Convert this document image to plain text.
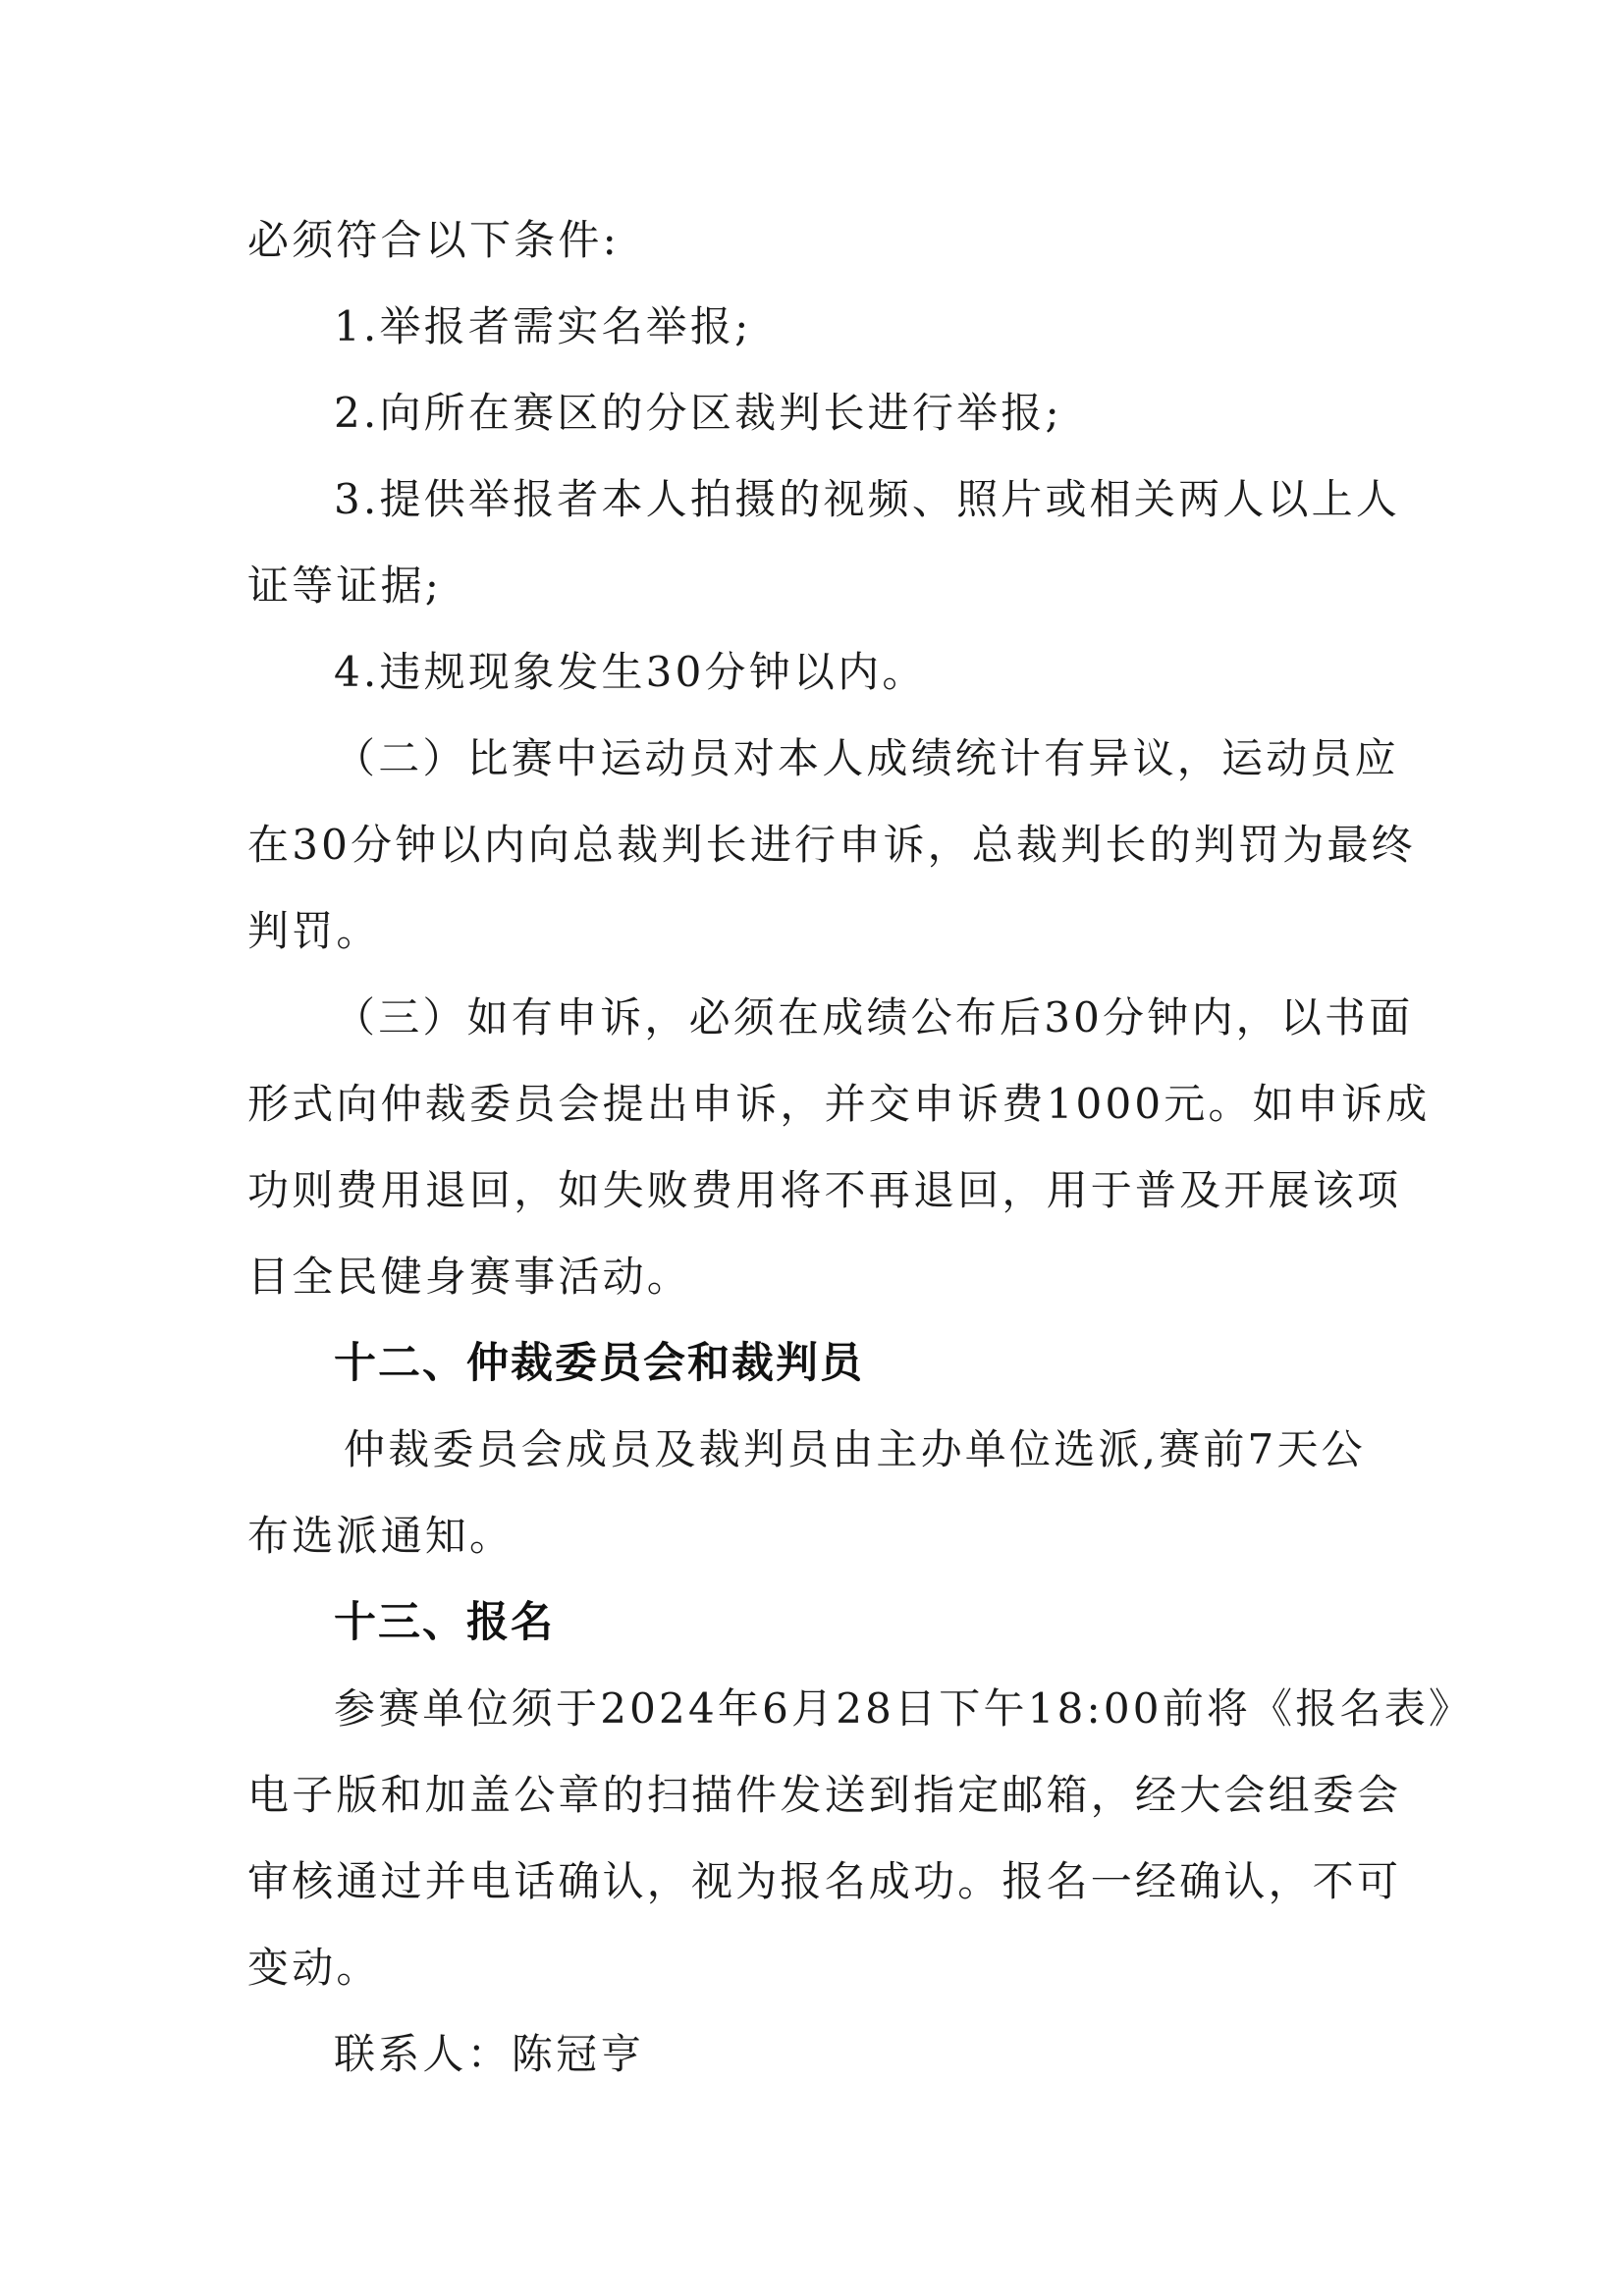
必须符合以下条件:
1.举报者需实名举报;
2.向所在赛区的分区裁判长进行举报;
3.提供举报者本人拍摄的视频、照片或相关两人以上人
证等证据;
4.违规现象发生30分钟以内。
（二）比赛中运动员对本人成绩统计有异议，运动员应
在30分钟以内向总裁判长进行申诉，总裁判长的判罚为最终
判罚。
（三）如有申诉，必须在成绩公布后30分钟内，以书面
形式向仲裁委员会提出申诉，并交申诉费1000元。如申诉成
功则费用退回，如失败费用将不再退回，用于普及开展该项
目全民健身赛事活动。
十二、仲裁委员会和裁判员
仲裁委员会成员及裁判员由主办单位选派,赛前7天公
布选派通知。
十三、报名
参赛单位须于2024年6月28日下午18:00前将《报名表》
电子版和加盖公章的扫描件发送到指定邮箱，经大会组委会
审核通过并电话确认，视为报名成功。报名一经确认，不可
变动。
联系人：陈冠亨
